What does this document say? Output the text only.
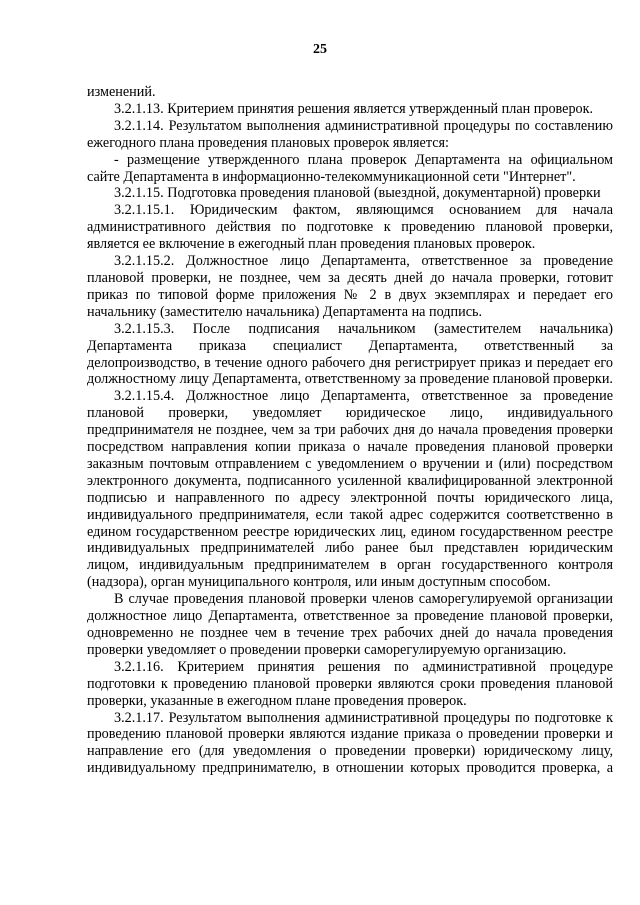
25

изменений.

3.2.1.13. Критерием принятия решения является утвержденный план проверок.

3.2.1.14. Результатом выполнения административной процедуры по составлению ежегодного плана проведения плановых проверок является:

- размещение утвержденного плана проверок Департамента на официальном сайте Департамента в информационно-телекоммуникационной сети "Интернет".

3.2.1.15. Подготовка проведения плановой (выездной, документарной) проверки

3.2.1.15.1. Юридическим фактом, являющимся основанием для начала административного действия по подготовке к проведению плановой проверки, является ее включение в ежегодный план проведения плановых проверок.

3.2.1.15.2. Должностное лицо Департамента, ответственное за проведение плановой проверки, не позднее, чем за десять дней до начала проверки, готовит приказ по типовой форме приложения № 2 в двух экземплярах и передает его начальнику (заместителю начальника) Департамента на подпись.

3.2.1.15.3. После подписания начальником (заместителем начальника) Департамента приказа специалист Департамента, ответственный за делопроизводство, в течение одного рабочего дня регистрирует приказ и передает его должностному лицу Департамента, ответственному за проведение плановой проверки.

3.2.1.15.4. Должностное лицо Департамента, ответственное за проведение плановой проверки, уведомляет юридическое лицо, индивидуального предпринимателя не позднее, чем за три рабочих дня до начала проведения проверки посредством направления копии приказа о начале проведения плановой проверки заказным почтовым отправлением с уведомлением о вручении и (или) посредством электронного документа, подписанного усиленной квалифицированной электронной подписью и направленного по адресу электронной почты юридического лица, индивидуального предпринимателя, если такой адрес содержится соответственно в едином государственном реестре юридических лиц, едином государственном реестре индивидуальных предпринимателей либо ранее был представлен юридическим лицом, индивидуальным предпринимателем в орган государственного контроля (надзора), орган муниципального контроля, или иным доступным способом.

В случае проведения плановой проверки членов саморегулируемой организации должностное лицо Департамента, ответственное за проведение плановой проверки, одновременно не позднее чем в течение трех рабочих дней до начала проведения проверки уведомляет о проведении проверки саморегулируемую организацию.

3.2.1.16. Критерием принятия решения по административной процедуре подготовки к проведению плановой проверки являются сроки проведения плановой проверки, указанные в ежегодном плане проведения проверок.

3.2.1.17. Результатом выполнения административной процедуры по подготовке к проведению плановой проверки являются издание приказа о проведении проверки и направление его (для уведомления о проведении проверки) юридическому лицу, индивидуальному предпринимателю, в отношении которых проводится проверка, а
